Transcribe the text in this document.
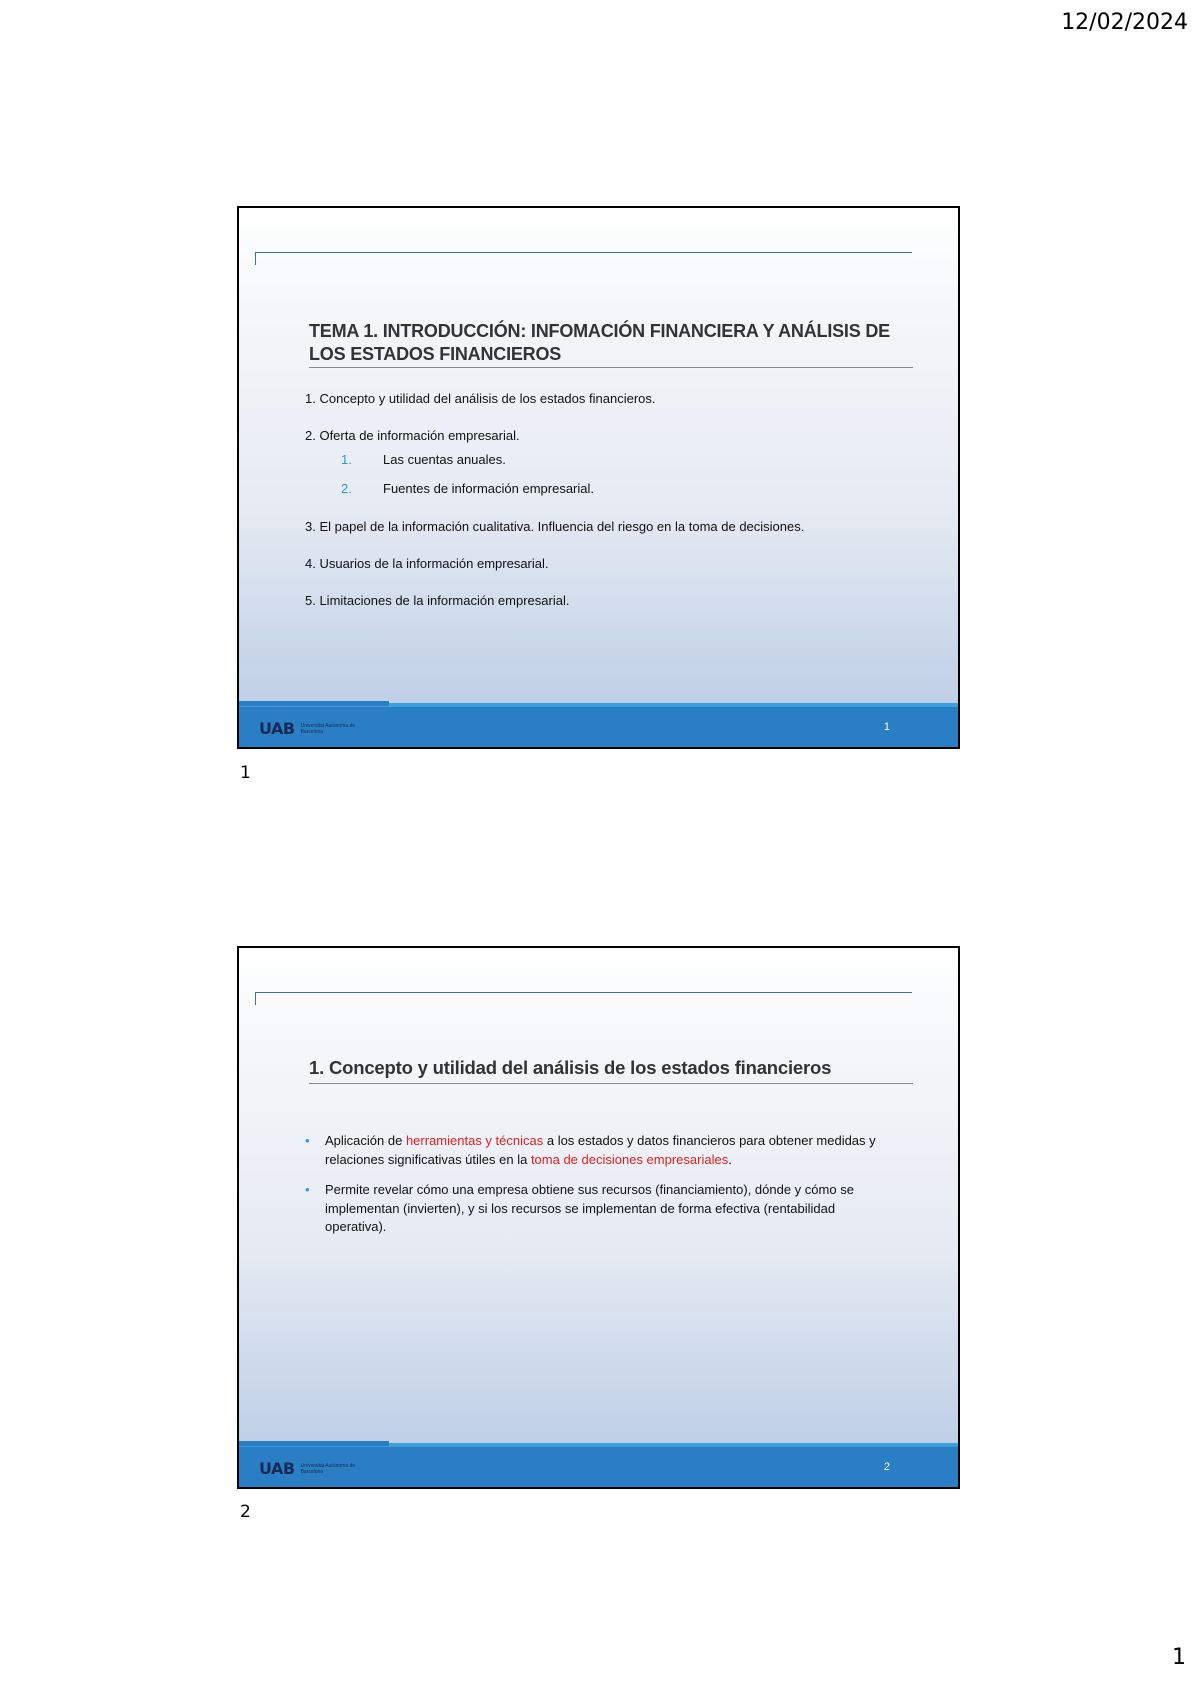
12/02/2024
TEMA 1. INTRODUCCIÓN: INFOMACIÓN FINANCIERA Y ANÁLISIS DE LOS ESTADOS FINANCIEROS
1. Concepto y utilidad del análisis de los estados financieros.
2. Oferta de información empresarial.
1.	Las cuentas anuales.
2.	Fuentes de información empresarial.
3. El papel de la información cualitativa. Influencia del riesgo en la toma de decisiones.
4. Usuarios de la información empresarial.
5. Limitaciones de la información empresarial.
UAB Universitat Autònoma de Barcelona	1
1
1. Concepto y utilidad del análisis de los estados financieros
• Aplicación de herramientas y técnicas a los estados y datos financieros para obtener medidas y relaciones significativas útiles en la toma de decisiones empresariales.
• Permite revelar cómo una empresa obtiene sus recursos (financiamiento), dónde y cómo se implementan (invierten), y si los recursos se implementan de forma efectiva (rentabilidad operativa).
UAB Universitat Autònoma de Barcelona	2
2
1
